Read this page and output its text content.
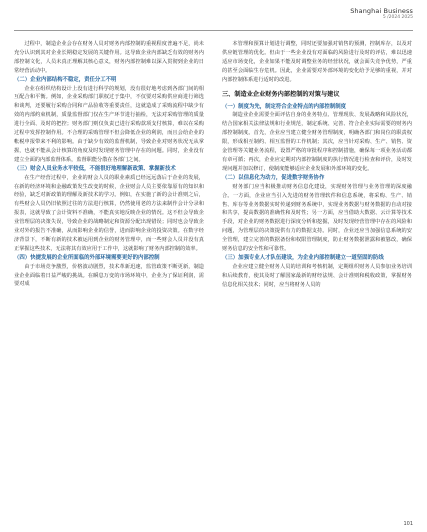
Shanghai Business
5 /2024 2025

过程中，制造企业会存在财务人员对财务内部控制的重视程度普遍不足，尚未充分认识到其对企业长期稳定发展的关键作用。这导致企业内部缺乏有效的财务内部控制文化，人员未真正理解其核心意义，财务内部控制难以深入贯彻到企业的日常经营活动中。

（二）企业内部结构不稳定，责任分工不明

企业在组织结构设计上没有进行科学的规划，没有很好地考虑到各部门间的相互配合和平衡。例如，企业采购部门职权过于集中，不仅要对采购供应商进行筛选和谈判，还要履行采购合同和产品验收等重要责任，这就造成了采购流程中缺少有效的内部约束机制，质量监督部门仅在生产环节进行抽检，无法对采购管理的质量进行全面、及时的把控；财务部门则仅负责已进行采购款项支付核算，难以在采购过程中发挥控制作用。不合理的采购管理不但会降低企业的利润，而且会给企业的帐税申报带来不利的影响。由于缺少有效的监督机制，导致企业对财务状况无从掌握，也就不能从会计核算的角度及时发现财务管理中存在的问题。同时，企业没有建立全面的内部监督体系，监督职能分散在各部门之间。

（三）财会人员业务水平较低，不能很好地理解新政策、掌握新技术

在生产经营过程中，企业的财会人员的职业素质已经远远落后于企业的发展，在新的经济环境和金融政策发生改变的时候，企业财会人员主要依靠原有的知识和经验，缺乏对新政策的理解及新技术的学习。例如，在实施了新的会计准则之后，有些财会人员仍旧依照过往的方法进行核算，仍然使用老的方法来制作会计分录和报表，这就导致了会计资料不准确，不能真实地反映企业的情况。这不但会导致企业管理层的决策失误，导致企业的战略制定和资源分配出现错误；同时也会导致企业对外的报告不准确，从而影响企业的信誉，进而影响企业的投资决策。在数字经济背景下，不断有新的技术被运用到企业的财务管理中，而一些财会人员并没有真正掌握这些技术，无法将其有效应用于工作中，这就影响了财务内部控制的效率。

（四）快捷发展的企业所面临的外部环境需要更好的内部控制

由于市场竞争激烈，价格波动剧烈，技术革新迅速，监管政策不断更新，制造业企业面临着日益严峻的挑战。在瞬息万变的市场环境中，企业为了保证利润，需要对成

本管理和预算计划进行调整，同时还要加强对销售的预测，控制库存，以及对供应链管理的优化。但由于一些企业没有对面临的风险进行及时的评估，难以迅速适应市场变化，企业如果不能及时调整业务的经营状况，就会面失竞争优势，严重的甚至会面临生存危机。因此，企业需要对外部环境的变化给予足够的重视，并对内部控制体系进行适时的改进。

三、制造业企业财务内部控制的对策与建议
（一）制度为先，制定符合企业特点的内部控制制度

制造业企业需要全面评估自身的业务特点、管理现状、发展战略和风险状况，结合国家相关法律法规和行业规范，制定系统、完善、符合企业实际需要的财务内部控制制度。首先，企业应当建立健全财务管理制度，明确各部门和岗位的职责权限，形成相互制约、相互监督的工作机制；其次，应当针对采购、生产、销售、资金管理等关键业务流程，设置严格的审批程序和控制措施，确保每一项业务活动都有章可循；再次，企业应定期对内部控制制度的执行情况进行检查和评价，及时发现问题并加以修订，使制度能够适应企业发展和外部环境的变化。

（二）以信息化为动力，促进数字财务协作

财务部门应当积极推动财务信息化建设，实现财务管理与业务管理的深度融合。一方面，企业应当引入先进的财务管理软件和信息系统，将采购、生产、销售、库存等业务数据实时传递到财务系统中，实现业务数据与财务数据的自动对接和共享，提高数据的准确性和及时性；另一方面，应当借助大数据、云计算等技术手段，对企业的财务数据进行深度分析和挖掘，及时发现经营管理中存在的风险和问题，为管理层的决策提供有力的数据支持。同时，企业还应当加强信息系统的安全管理，建立完善的数据备份和权限管理制度，防止财务数据泄露和被篡改，确保财务信息的安全性和可靠性。

（三）加强专业人才队伍建设，为企业内部控制建立一道坚固的防线

企业应建立健全财务人员的培训和考核机制，定期组织财务人员参加业务培训和后续教育，使其及时了解国家最新的财经法规、会计准则和税收政策，掌握财务信息化相关技术；同时，应当将财务人员的

101
